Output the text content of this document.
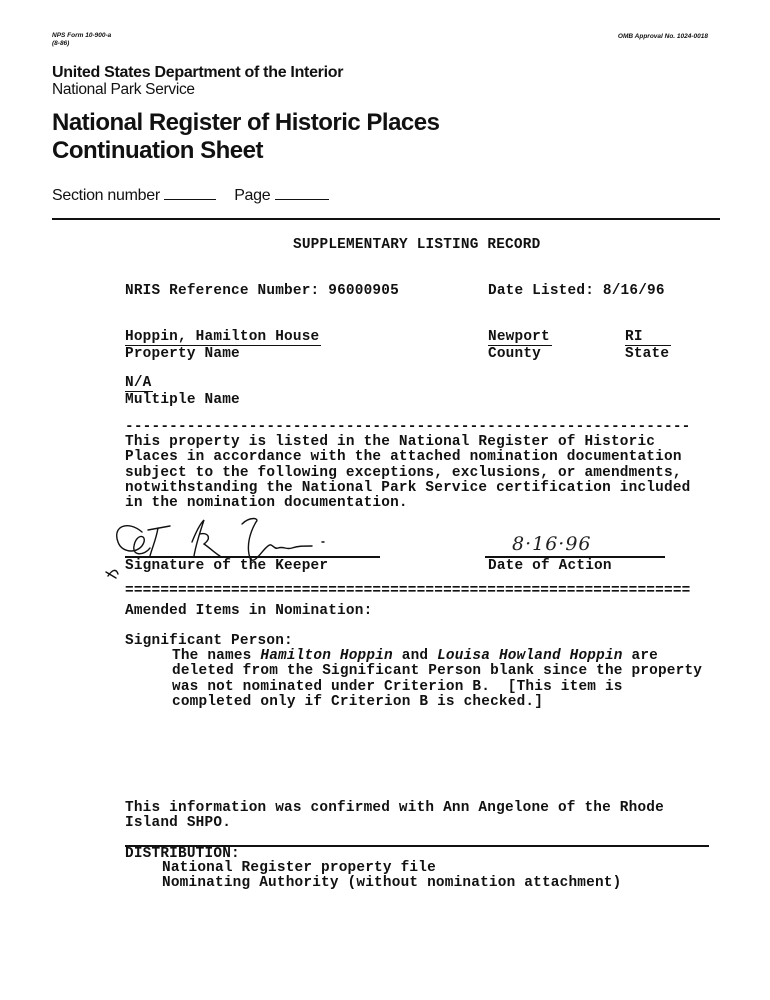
NPS Form 10-900-a
(8-86)
OMB Approval No. 1024-0018
United States Department of the Interior
National Park Service
National Register of Historic Places
Continuation Sheet
Section number	Page
SUPPLEMENTARY LISTING RECORD
NRIS Reference Number: 96000905	Date Listed: 8/16/96
Hoppin, Hamilton House
Property Name
Newport
County
RI
State
N/A
Multiple Name
----------------------------------------------------------------
This property is listed in the National Register of Historic
Places in accordance with the attached nomination documentation
subject to the following exceptions, exclusions, or amendments,
notwithstanding the National Park Service certification included
in the nomination documentation.
Signature of the Keeper
8·16·96
Date of Action
================================================================
Amended Items in Nomination:
Significant Person:
The names Hamilton Hoppin and Louisa Howland Hoppin are
deleted from the Significant Person blank since the property
was not nominated under Criterion B.  [This item is
completed only if Criterion B is checked.]
This information was confirmed with Ann Angelone of the Rhode
Island SHPO.
DISTRIBUTION:
National Register property file
Nominating Authority (without nomination attachment)
